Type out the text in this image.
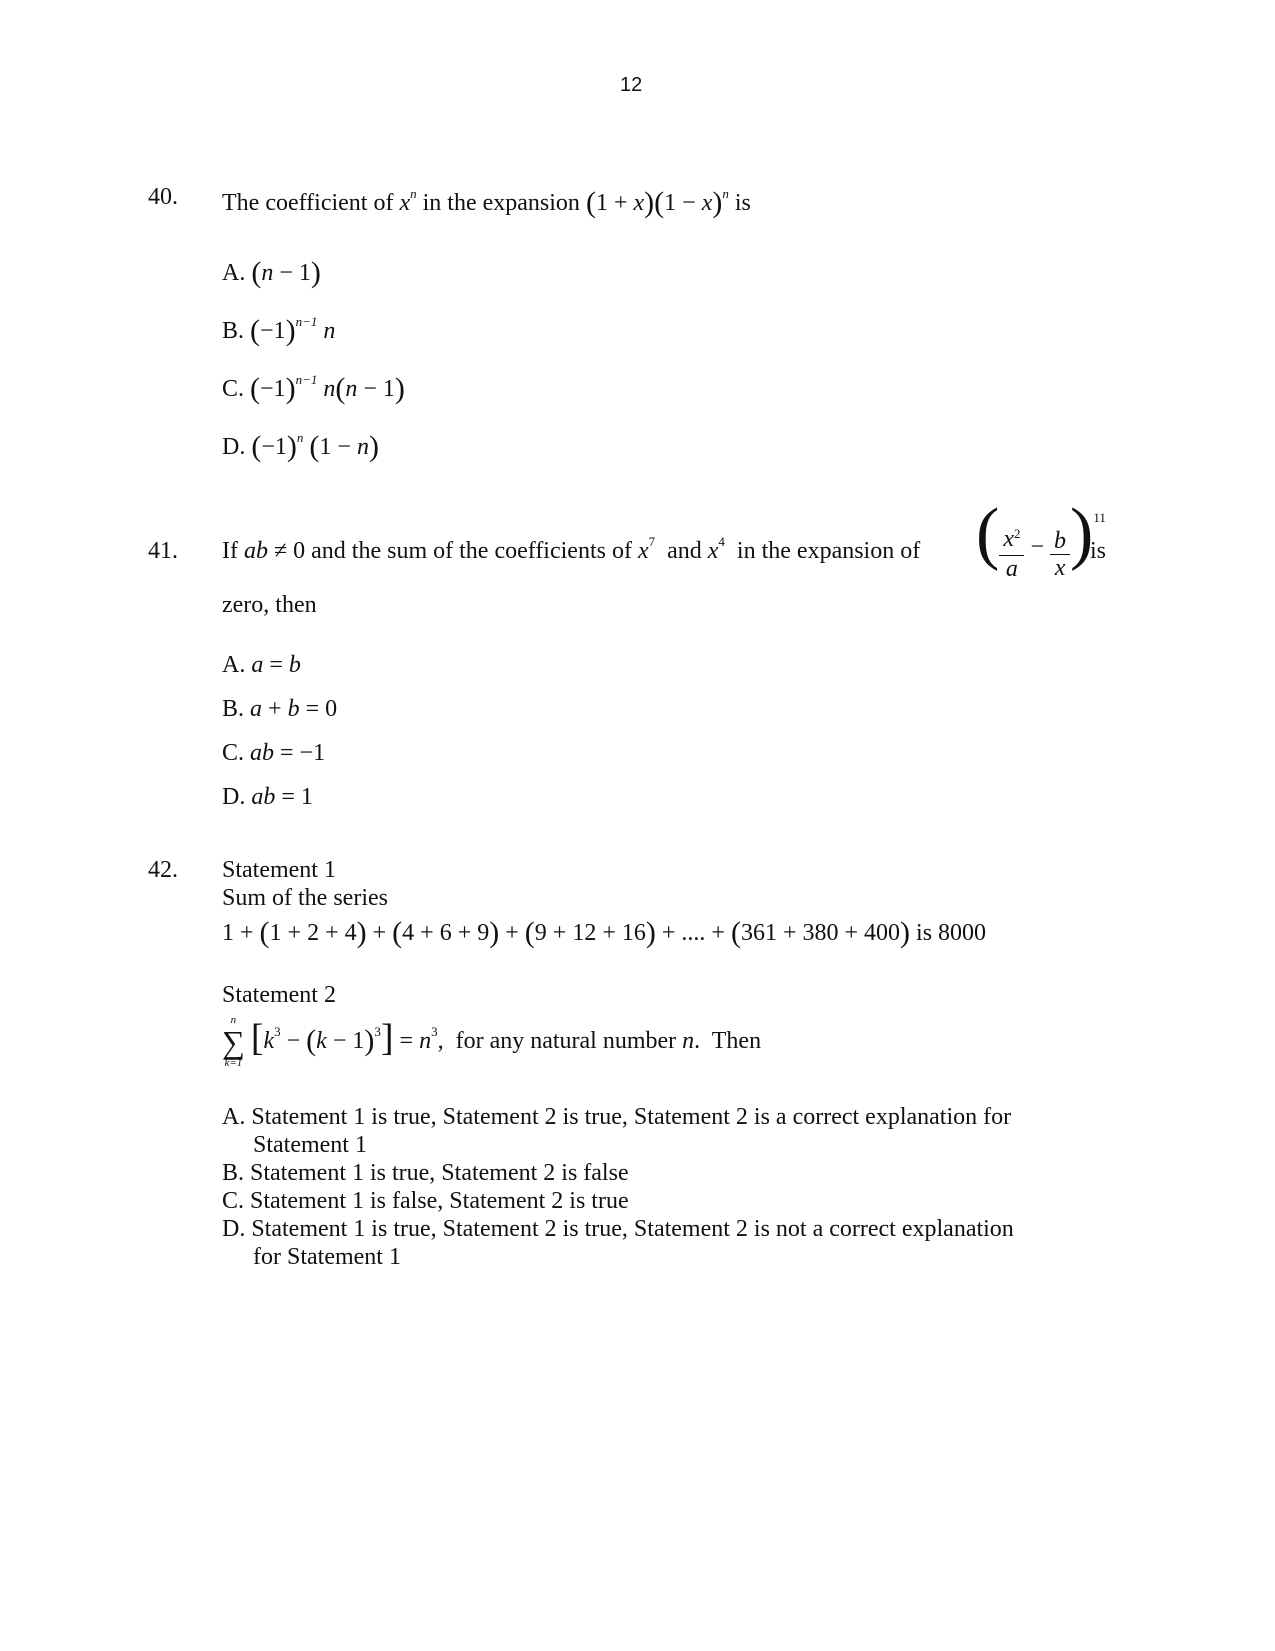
12
40. The coefficient of $x^n$ in the expansion $(1 + x)(1 - x)^n$ is
A. (n − 1)
B. $(-1)^{n-1}$ n
C. $(-1)^{n-1}$ n(n − 1)
D. $(-1)^n$ (1 − n)
41. If ab ≠ 0 and the sum of the coefficients of $x^7$ and $x^4$ in the expansion of ( $\frac{x^2}{a} - \frac{b}{x} )^{11}$
is
zero, then
A. a = b
B. a + b = 0
C. ab = −1
D. ab = 1
42. Statement 1
Sum of the series
1 + (1 + 2 + 4) + (4 + 6 + 9) + (9 + 12 + 16) + .... + (361 + 380 + 400) is 8000
Statement 2
n
∑
k=1
$[k^3 - (k - 1)^3] = n^3$, for any natural number n.  Then
A. Statement 1 is true, Statement 2 is true, Statement 2 is a correct explanation for
Statement 1
B. Statement 1 is true, Statement 2 is false
C. Statement 1 is false, Statement 2 is true
D. Statement 1 is true, Statement 2 is true, Statement 2 is not a correct explanation
for Statement 1
